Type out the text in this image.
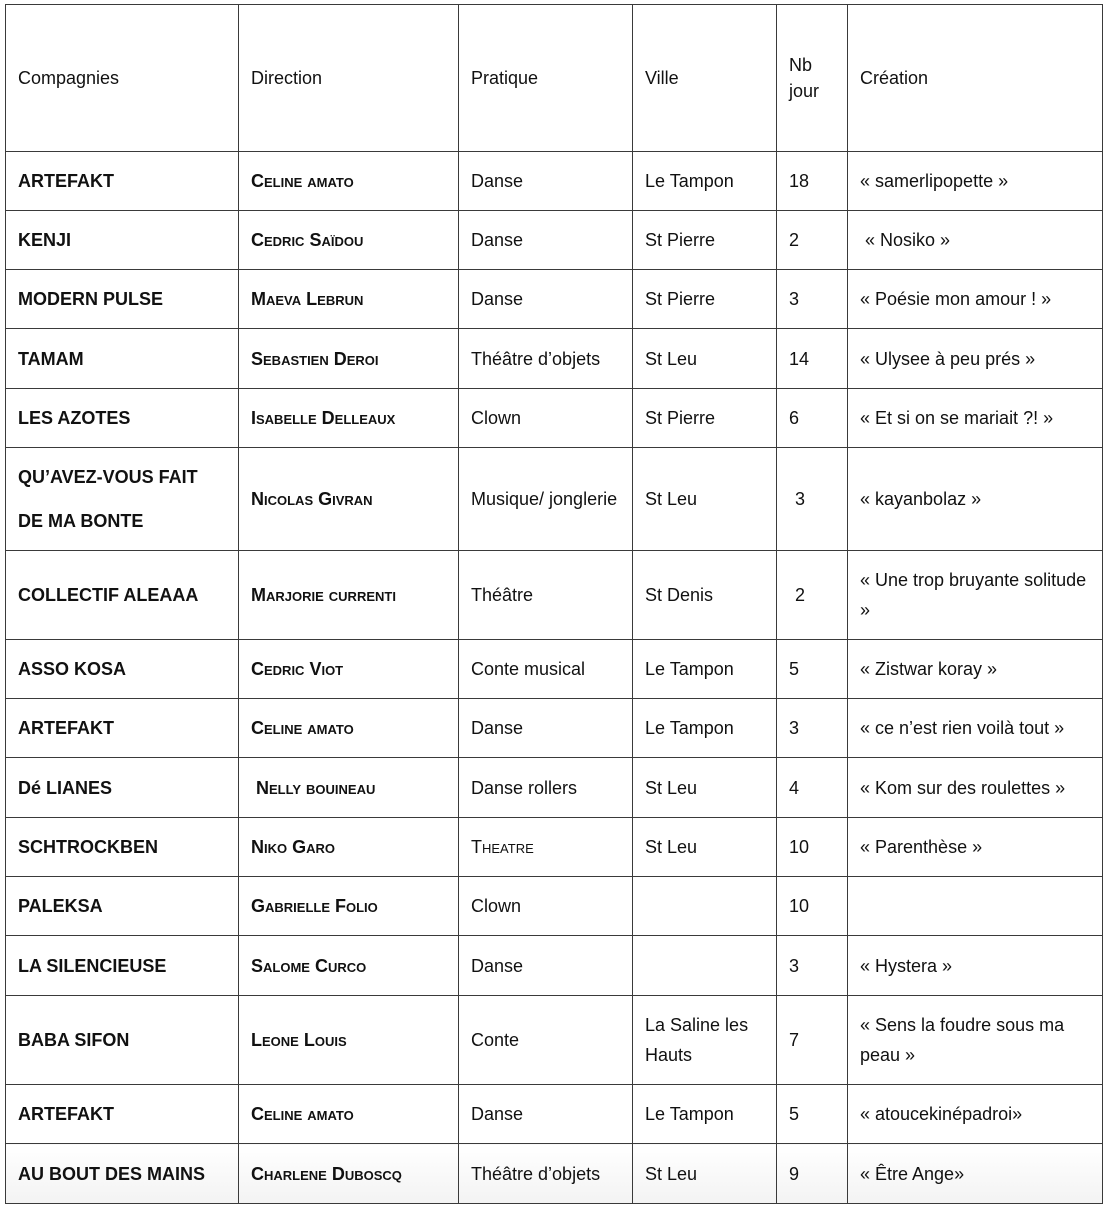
Compagnies	Direction	Pratique	Ville	Nb jour	Création
ARTEFAKT	Celine amato	Danse	Le Tampon	18	« samerlipopette »
KENJI	Cedric Saïdou	Danse	St Pierre	2	« Nosiko »
MODERN PULSE	Maeva Lebrun	Danse	St Pierre	3	« Poésie mon amour ! »
TAMAM	Sebastien Deroi	Théâtre d’objets	St Leu	14	« Ulysee à peu prés »
LES AZOTES	Isabelle Delleaux	Clown	St Pierre	6	« Et si on se mariait ?! »
QU’AVEZ-VOUS FAIT DE MA BONTE	Nicolas Givran	Musique/ jonglerie	St Leu	3	« kayanbolaz »
COLLECTIF ALEAAA	Marjorie currenti	Théâtre	St Denis	2	« Une trop bruyante solitude »
ASSO KOSA	Cedric Viot	Conte musical	Le Tampon	5	« Zistwar koray »
ARTEFAKT	Celine amato	Danse	Le Tampon	3	« ce n’est rien voilà tout »
Dé LIANES	Nelly bouineau	Danse rollers	St Leu	4	« Kom sur des roulettes »
SCHTROCKBEN	Niko Garo	Theatre	St Leu	10	« Parenthèse »
PALEKSA	Gabrielle Folio	Clown		10	
LA SILENCIEUSE	Salome Curco	Danse		3	« Hystera »
BABA SIFON	Leone Louis	Conte	La Saline les Hauts	7	« Sens la foudre sous ma peau »
ARTEFAKT	Celine amato	Danse	Le Tampon	5	« atoucekinépadroi»
AU BOUT DES MAINS	Charlene Duboscq	Théâtre d’objets	St Leu	9	« Être Ange»
